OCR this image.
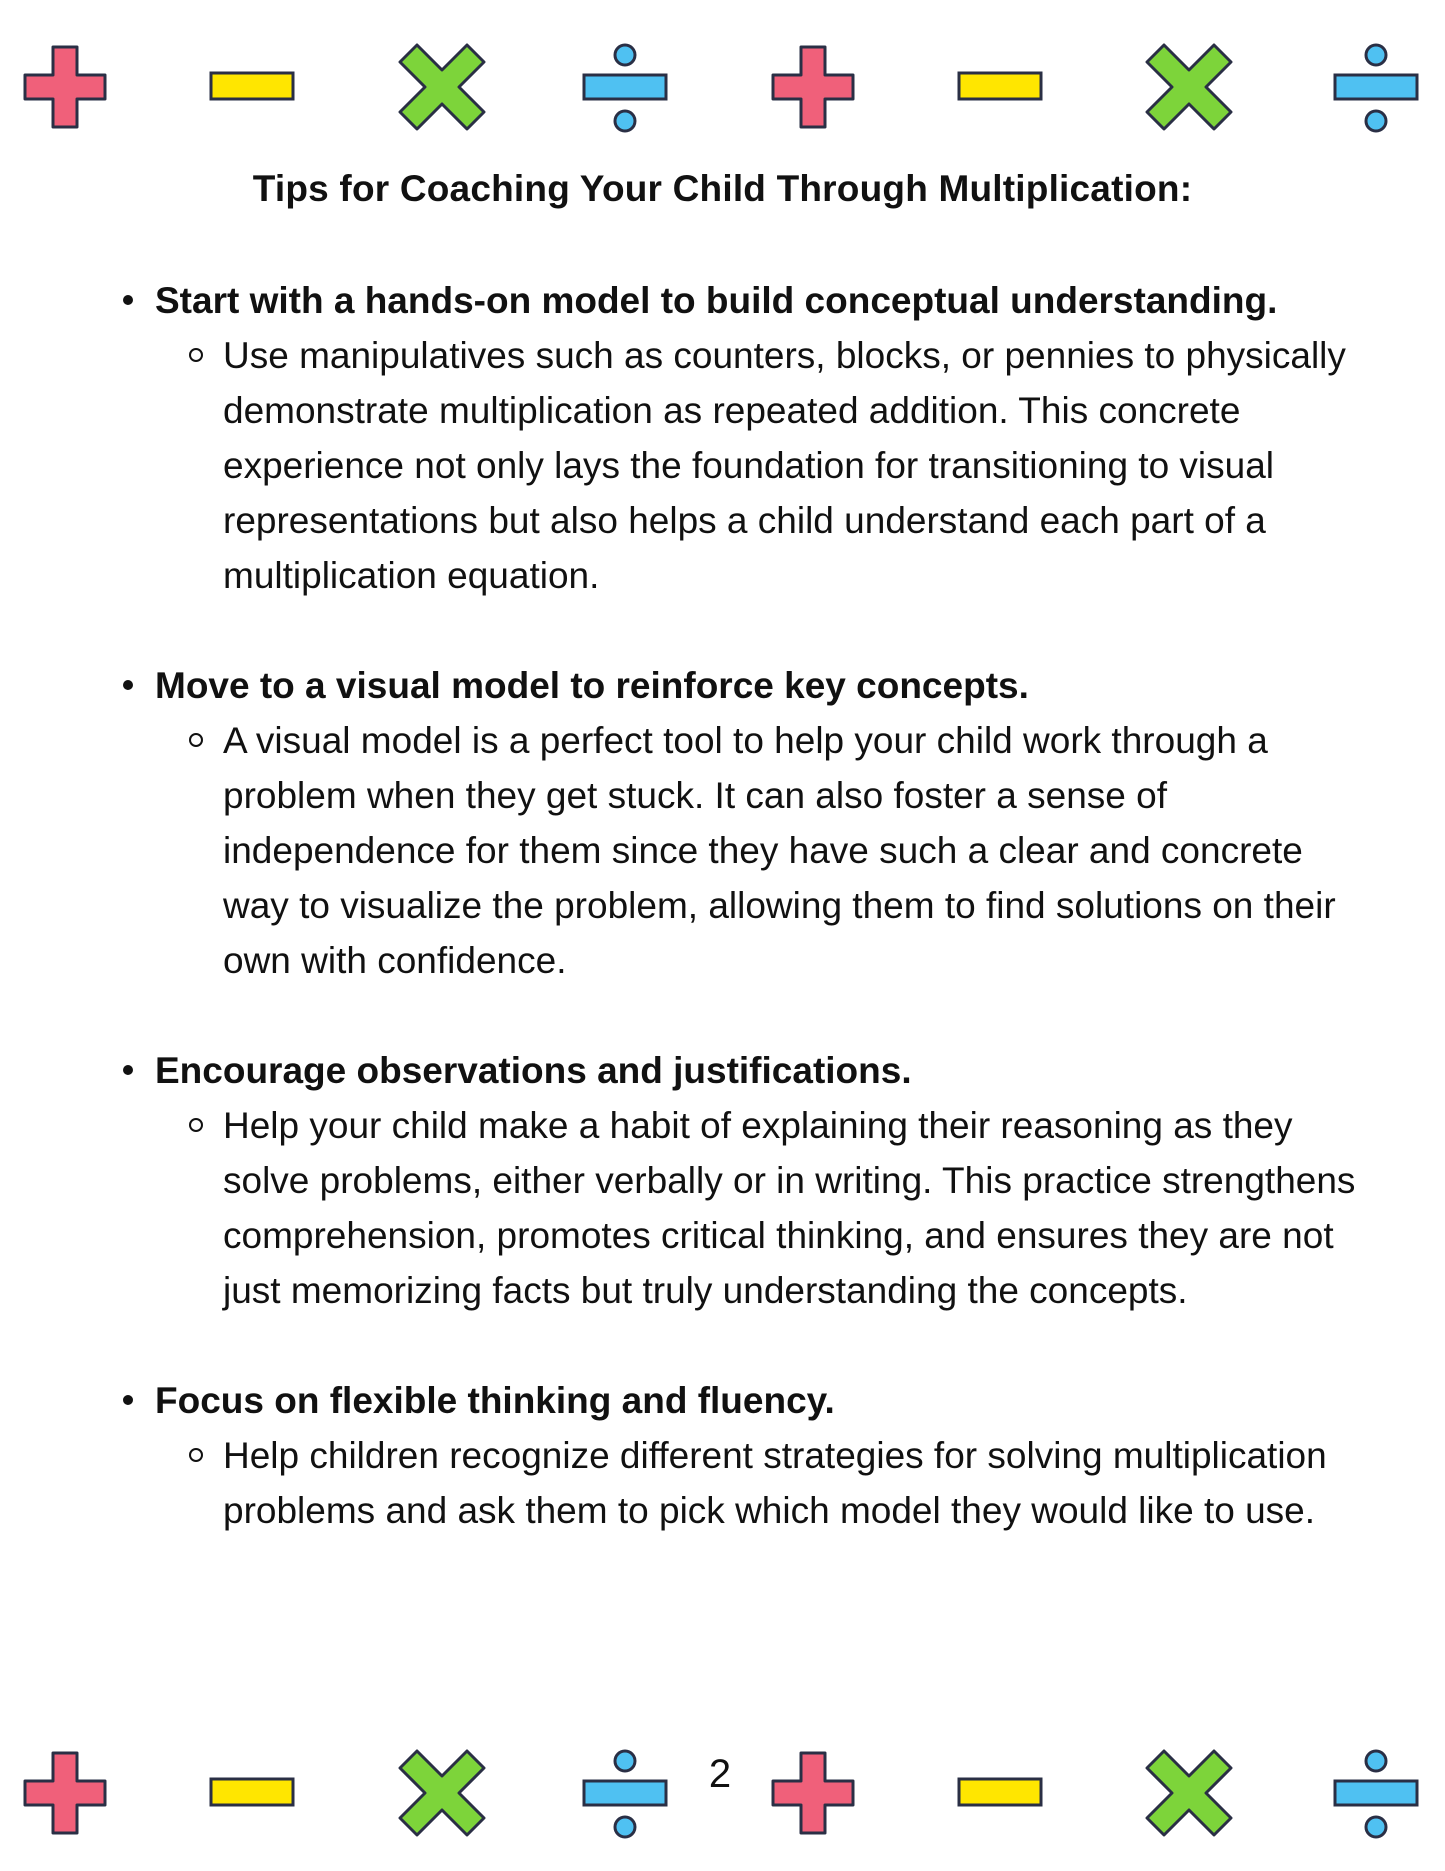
Tips for Coaching Your Child Through Multiplication:
Start with a hands-on model to build conceptual understanding.
Use manipulatives such as counters, blocks, or pennies to physically demonstrate multiplication as repeated addition. This concrete experience not only lays the foundation for transitioning to visual representations but also helps a child understand each part of a multiplication equation.
Move to a visual model to reinforce key concepts.
A visual model is a perfect tool to help your child work through a problem when they get stuck. It can also foster a sense of independence for them since they have such a clear and concrete way to visualize the problem, allowing them to find solutions on their own with confidence.
Encourage observations and justifications.
Help your child make a habit of explaining their reasoning as they solve problems, either verbally or in writing. This practice strengthens comprehension, promotes critical thinking, and ensures they are not just memorizing facts but truly understanding the concepts.
Focus on flexible thinking and fluency.
Help children recognize different strategies for solving multiplication problems and ask them to pick which model they would like to use.
2
